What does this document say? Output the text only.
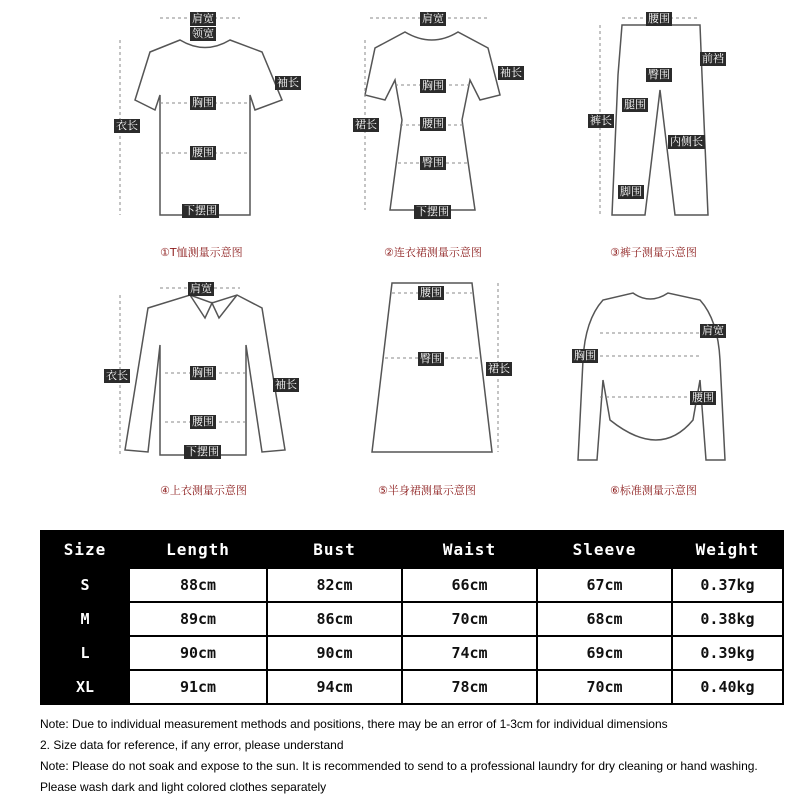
肩宽
领宽
袖长
衣长
胸围
腰围
下摆围
①T恤测量示意图
肩宽
袖长
裙长
胸围
腰围
臀围
下摆围
②连衣裙测量示意图
腰围
前裆
臀围
裤长
腿围
内侧长
脚围
③裤子测量示意图
肩宽
衣长	胸围
袖长
腰围
下摆围
④上衣测量示意图
腰围
臀围
裙长
⑤半身裙测量示意图
肩宽
胸围
腰围
⑥标准测量示意图
Size	Length	Bust	Waist	Sleeve	Weight
S	88cm	82cm	66cm	67cm	0.37kg
M	89cm	86cm	70cm	68cm	0.38kg
L	90cm	90cm	74cm	69cm	0.39kg
XL	91cm	94cm	78cm	70cm	0.40kg

Note: Due to individual measurement methods and positions, there may be an error of 1-3cm for individual dimensions

2. Size data for reference, if any error, please understand

Note: Please do not soak and expose to the sun. It is recommended to send to a professional laundry for dry cleaning or hand washing.

Please wash dark and light colored clothes separately
